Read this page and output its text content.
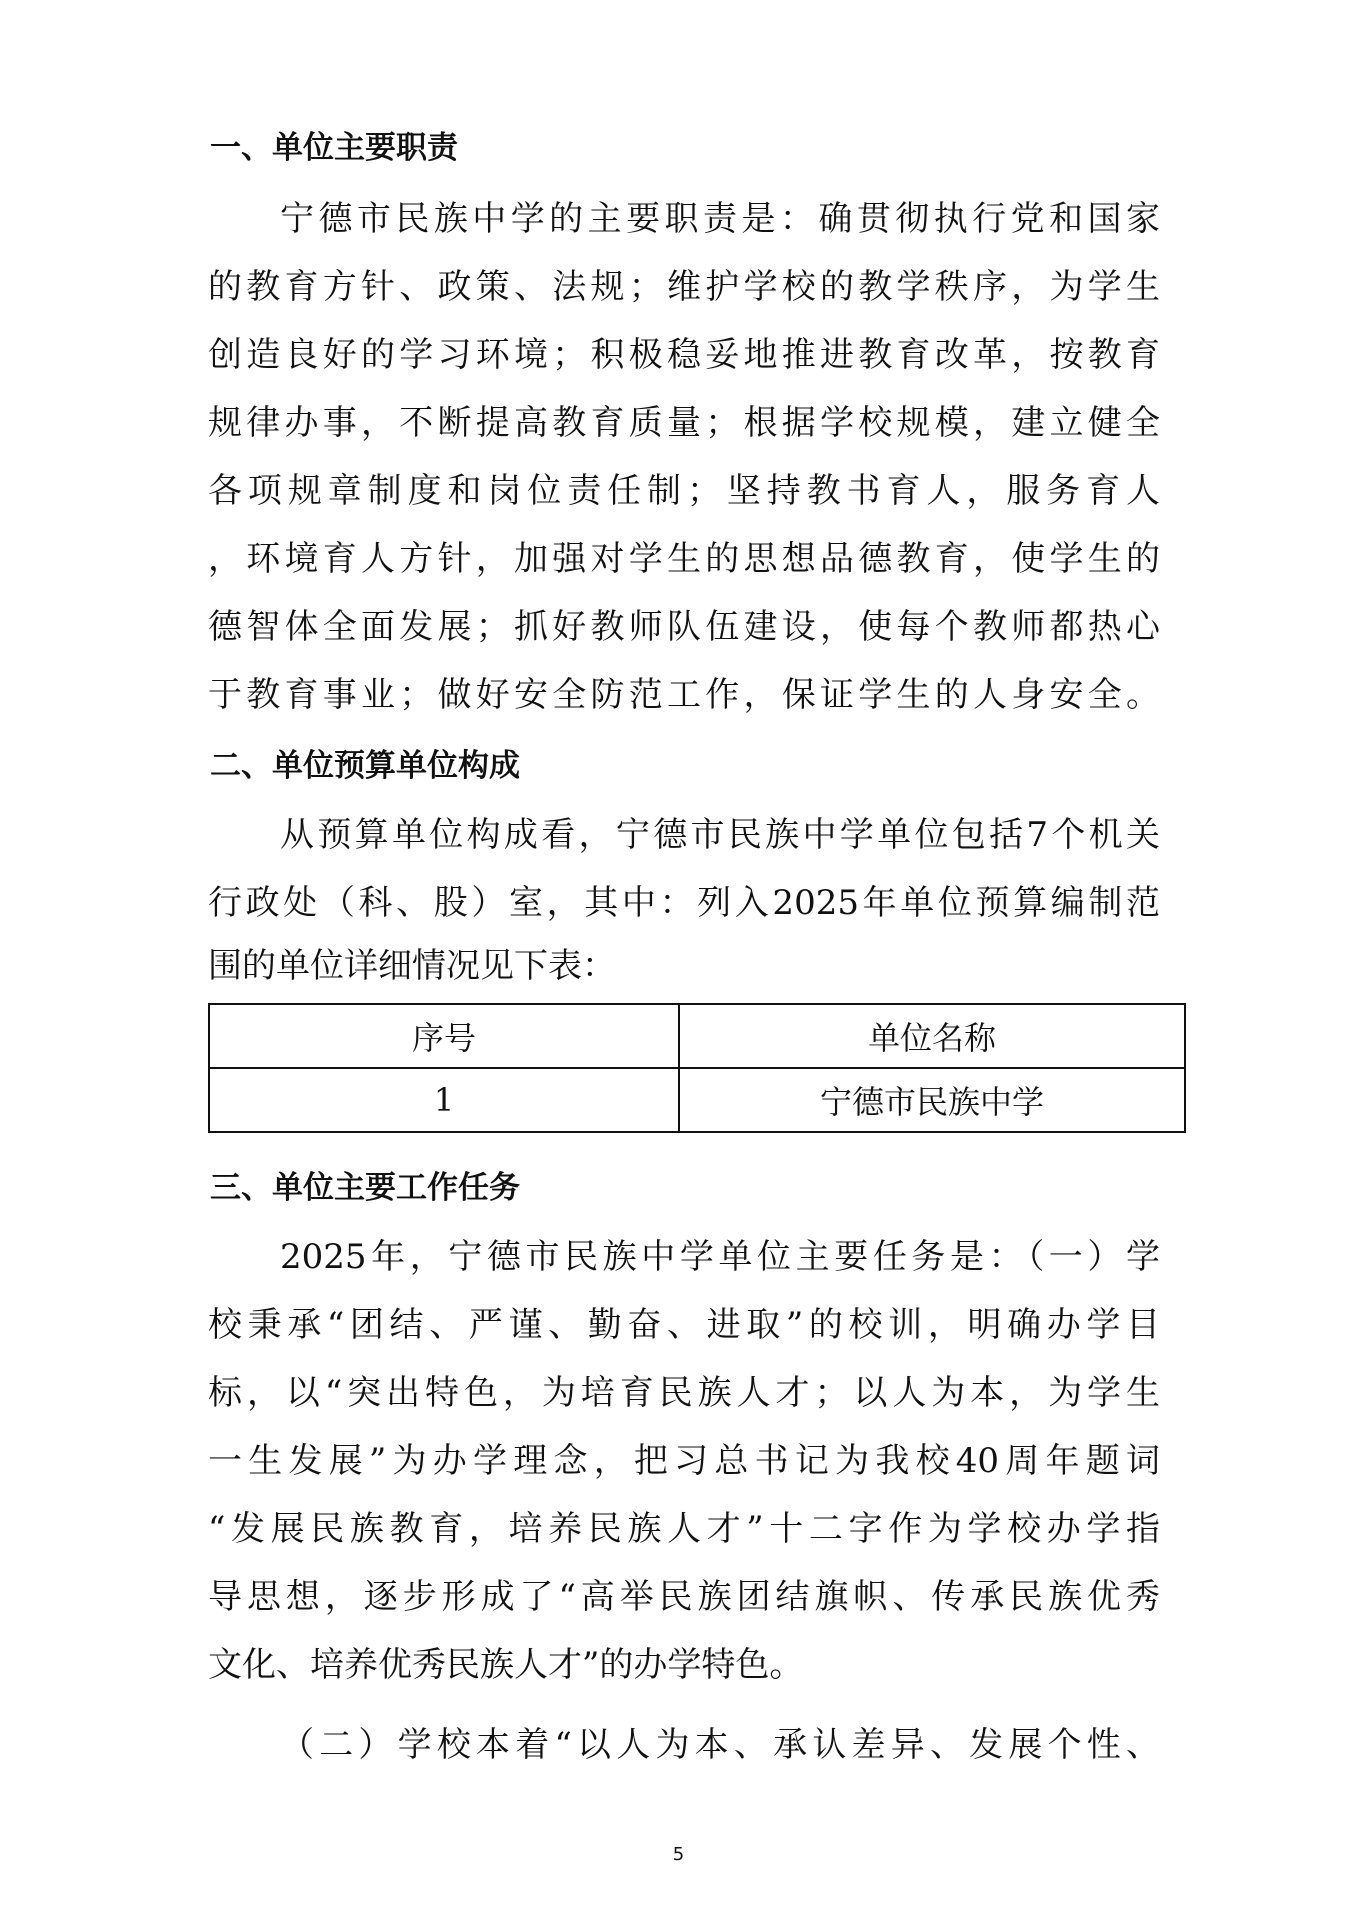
一、单位主要职责
宁德市民族中学的主要职责是：确贯彻执行党和国家
的教育方针、政策、法规；维护学校的教学秩序，为学生
创造良好的学习环境；积极稳妥地推进教育改革，按教育
规律办事，不断提高教育质量；根据学校规模，建立健全
各项规章制度和岗位责任制；坚持教书育人，服务育人
，环境育人方针，加强对学生的思想品德教育，使学生的
德智体全面发展；抓好教师队伍建设，使每个教师都热心
于教育事业；做好安全防范工作，保证学生的人身安全。
二、单位预算单位构成
从预算单位构成看，宁德市民族中学单位包括7个机关
行政处（科、股）室，其中：列入2025年单位预算编制范
围的单位详细情况见下表：
序号	单位名称
1	宁德市民族中学
三、单位主要工作任务
2025年，宁德市民族中学单位主要任务是：（一）学
校秉承“团结、严谨、勤奋、进取”的校训，明确办学目
标，以“突出特色，为培育民族人才；以人为本，为学生
一生发展”为办学理念，把习总书记为我校40周年题词
“发展民族教育，培养民族人才”十二字作为学校办学指
导思想，逐步形成了“高举民族团结旗帜、传承民族优秀
文化、培养优秀民族人才”的办学特色。
（二）学校本着“以人为本、承认差异、发展个性、
5
